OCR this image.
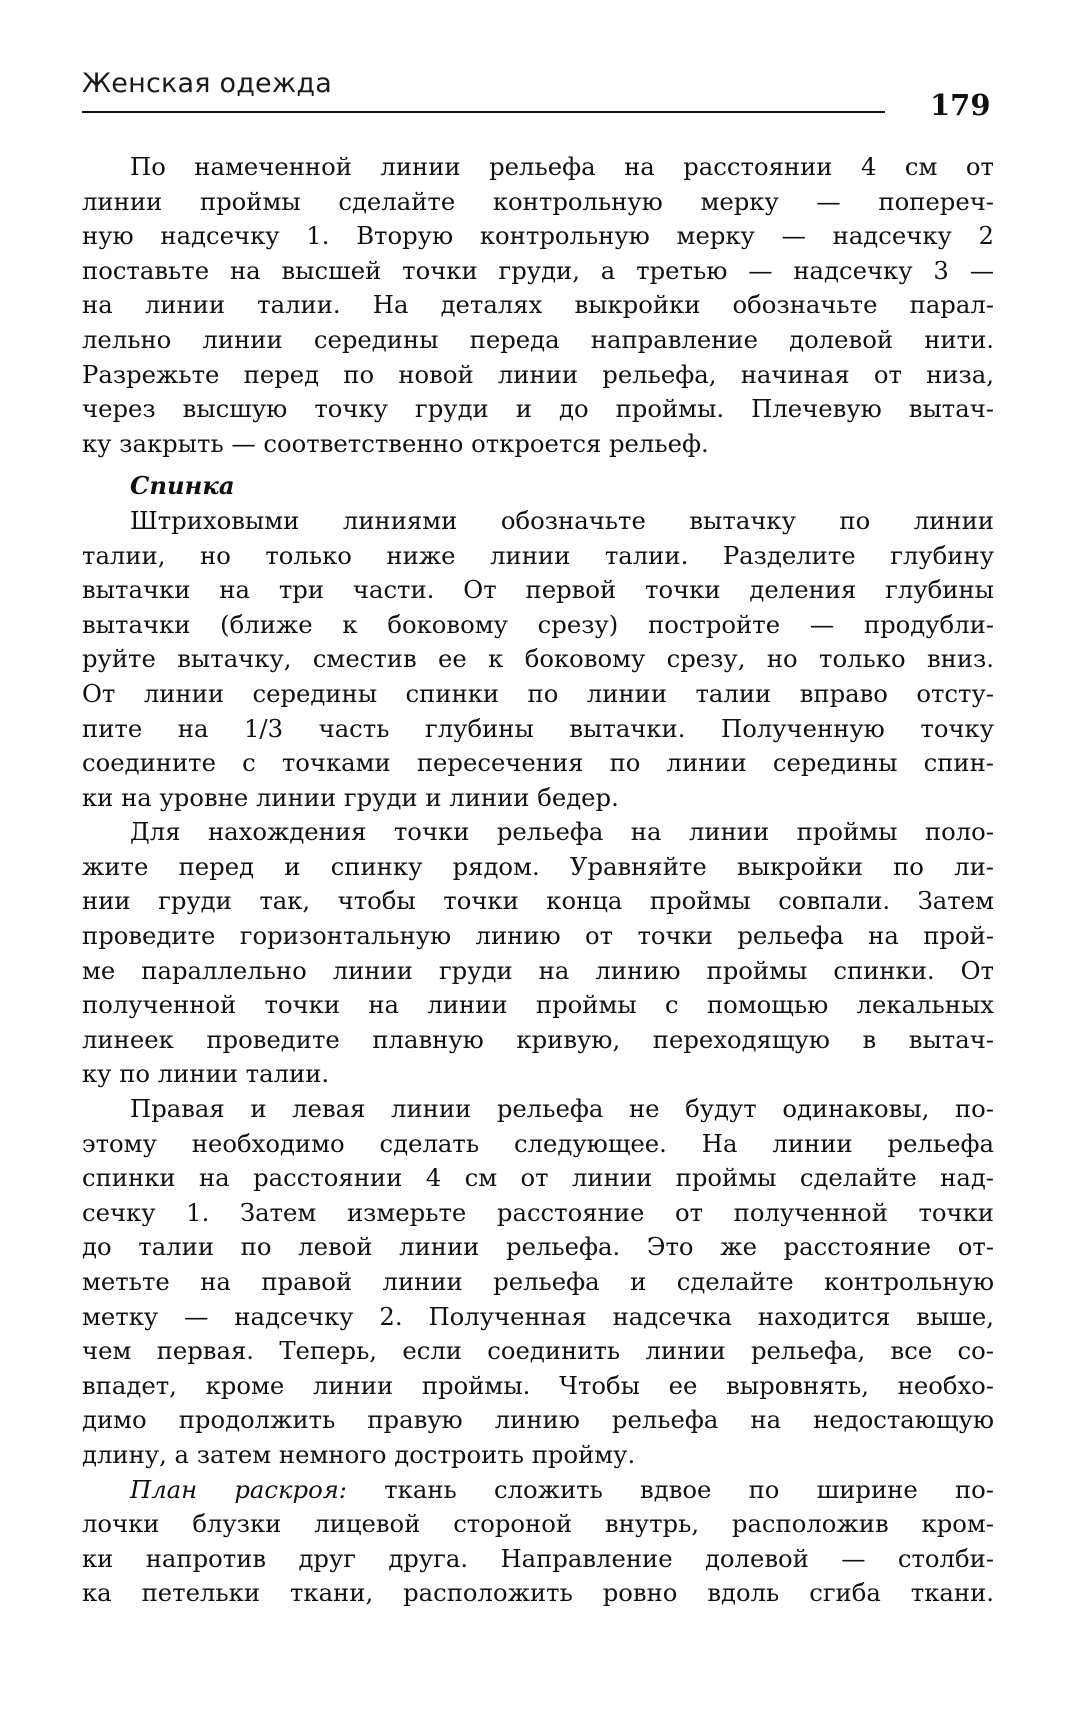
Женская одежда
179
По намеченной линии рельефа на расстоянии 4 см от
линии проймы сделайте контрольную мерку — попереч-
ную надсечку 1. Вторую контрольную мерку — надсечку 2
поставьте на высшей точки груди, а третью — надсечку 3 —
на линии талии. На деталях выкройки обозначьте парал-
лельно линии середины переда направление долевой нити.
Разрежьте перед по новой линии рельефа, начиная от низа,
через высшую точку груди и до проймы. Плечевую вытач-
ку закрыть — соответственно откроется рельеф.
Спинка
Штриховыми линиями обозначьте вытачку по линии
талии, но только ниже линии талии. Разделите глубину
вытачки на три части. От первой точки деления глубины
вытачки (ближе к боковому срезу) постройте — продубли-
руйте вытачку, сместив ее к боковому срезу, но только вниз.
От линии середины спинки по линии талии вправо отсту-
пите на 1/3 часть глубины вытачки. Полученную точку
соедините с точками пересечения по линии середины спин-
ки на уровне линии груди и линии бедер.
Для нахождения точки рельефа на линии проймы поло-
жите перед и спинку рядом. Уравняйте выкройки по ли-
нии груди так, чтобы точки конца проймы совпали. Затем
проведите горизонтальную линию от точки рельефа на прой-
ме параллельно линии груди на линию проймы спинки. От
полученной точки на линии проймы с помощью лекальных
линеек проведите плавную кривую, переходящую в вытач-
ку по линии талии.
Правая и левая линии рельефа не будут одинаковы, по-
этому необходимо сделать следующее. На линии рельефа
спинки на расстоянии 4 см от линии проймы сделайте над-
сечку 1. Затем измерьте расстояние от полученной точки
до талии по левой линии рельефа. Это же расстояние от-
метьте на правой линии рельефа и сделайте контрольную
метку — надсечку 2. Полученная надсечка находится выше,
чем первая. Теперь, если соединить линии рельефа, все со-
впадет, кроме линии проймы. Чтобы ее выровнять, необхо-
димо продолжить правую линию рельефа на недостающую
длину, а затем немного достроить пройму.
План раскроя: ткань сложить вдвое по ширине по-
лочки блузки лицевой стороной внутрь, расположив кром-
ки напротив друг друга. Направление долевой — столби-
ка петельки ткани, расположить ровно вдоль сгиба ткани.
